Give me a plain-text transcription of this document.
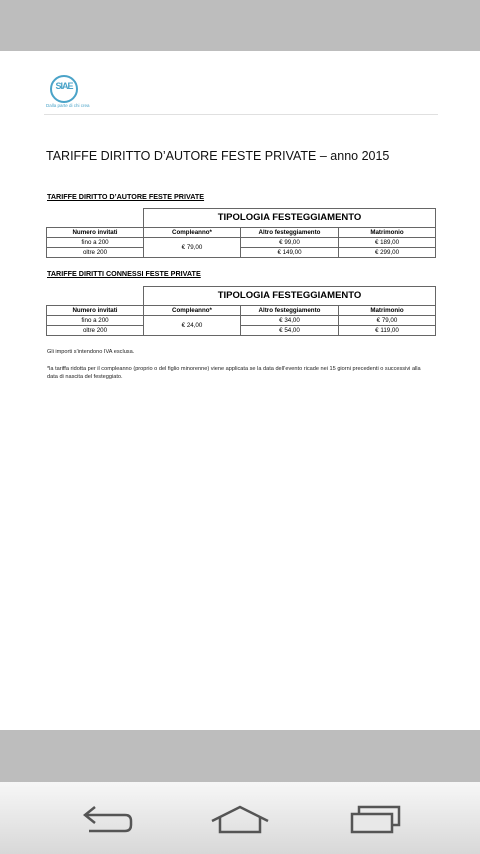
SIAE
Dalla parte di chi crea
TARIFFE DIRITTO D’AUTORE FESTE PRIVATE – anno 2015
TARIFFE DIRITTO D’AUTORE FESTE PRIVATE
	TIPOLOGIA FESTEGGIAMENTO		
Numero invitati	Compleanno*	Altro festeggiamento	Matrimonio
fino a 200	€ 79,00	€ 99,00	€ 189,00
oltre 200		€ 149,00	€ 299,00
TARIFFE DIRITTI CONNESSI FESTE PRIVATE
	TIPOLOGIA FESTEGGIAMENTO		
Numero invitati	Compleanno*	Altro festeggiamento	Matrimonio
fino a 200	€ 24,00	€ 34,00	€ 79,00
oltre 200		€ 54,00	€ 119,00
Gli importi s’intendono IVA esclusa.
*la tariffa ridotta per il compleanno (proprio o del figlio minorenne) viene applicata se la data dell’evento ricade nei 15 giorni precedenti o successivi alla data di nascita del festeggiato.
